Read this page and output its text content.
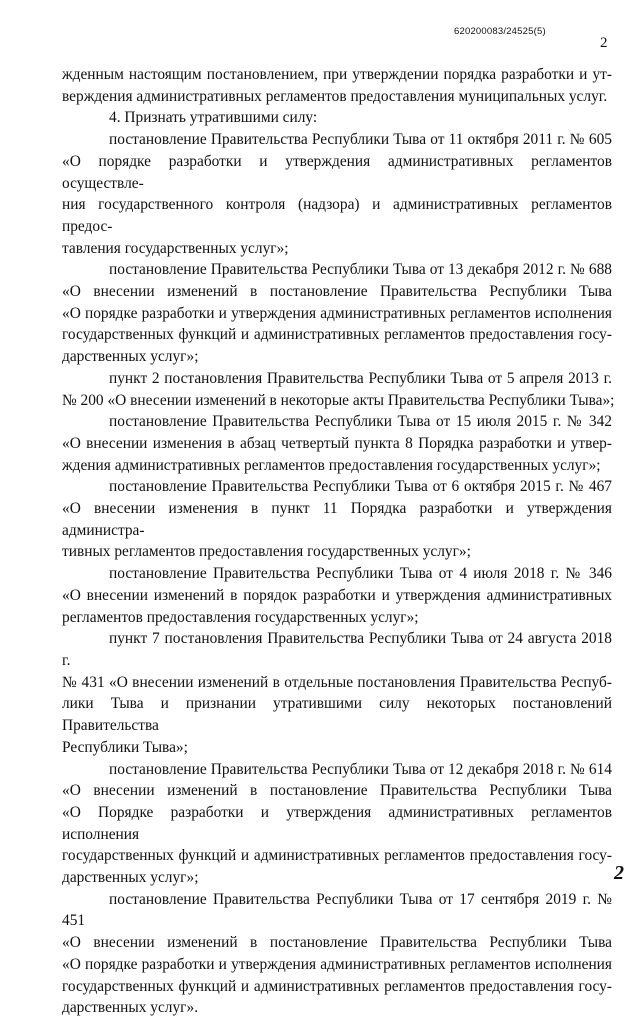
620200083/24525(5)
2
жденным настоящим постановлением, при утверждении порядка разработки и ут-
верждения административных регламентов предоставления муниципальных услуг.
4. Признать утратившими силу:
постановление Правительства Республики Тыва от 11 октября 2011 г. № 605
«О порядке разработки и утверждения административных регламентов осуществле-
ния государственного контроля (надзора) и административных регламентов предос-
тавления государственных услуг»;
постановление Правительства Республики Тыва от 13 декабря 2012 г. № 688
«О внесении изменений в постановление Правительства Республики Тыва
«О порядке разработки и утверждения административных регламентов исполнения
государственных функций и административных регламентов предоставления госу-
дарственных услуг»;
пункт 2 постановления Правительства Республики Тыва от 5 апреля 2013 г.
№ 200 «О внесении изменений в некоторые акты Правительства Республики Тыва»;
постановление Правительства Республики Тыва от 15 июля 2015 г. № 342
«О внесении изменения в абзац четвертый пункта 8 Порядка разработки и утвер-
ждения административных регламентов предоставления государственных услуг»;
постановление Правительства Республики Тыва от 6 октября 2015 г. № 467
«О внесении изменения в пункт 11 Порядка разработки и утверждения администра-
тивных регламентов предоставления государственных услуг»;
постановление Правительства Республики Тыва от 4 июля 2018 г. № 346
«О внесении изменений в порядок разработки и утверждения административных
регламентов предоставления государственных услуг»;
пункт 7 постановления Правительства Республики Тыва от 24 августа 2018 г.
№ 431 «О внесении изменений в отдельные постановления Правительства Респуб-
лики Тыва и признании утратившими силу некоторых постановлений Правительства
Республики Тыва»;
постановление Правительства Республики Тыва от 12 декабря 2018 г. № 614
«О внесении изменений в постановление Правительства Республики Тыва
«О Порядке разработки и утверждения административных регламентов исполнения
государственных функций и административных регламентов предоставления госу-
дарственных услуг»;
постановление Правительства Республики Тыва от 17 сентября 2019 г. № 451
«О внесении изменений в постановление Правительства Республики Тыва
«О порядке разработки и утверждения административных регламентов исполнения
государственных функций и административных регламентов предоставления госу-
дарственных услуг».
2
